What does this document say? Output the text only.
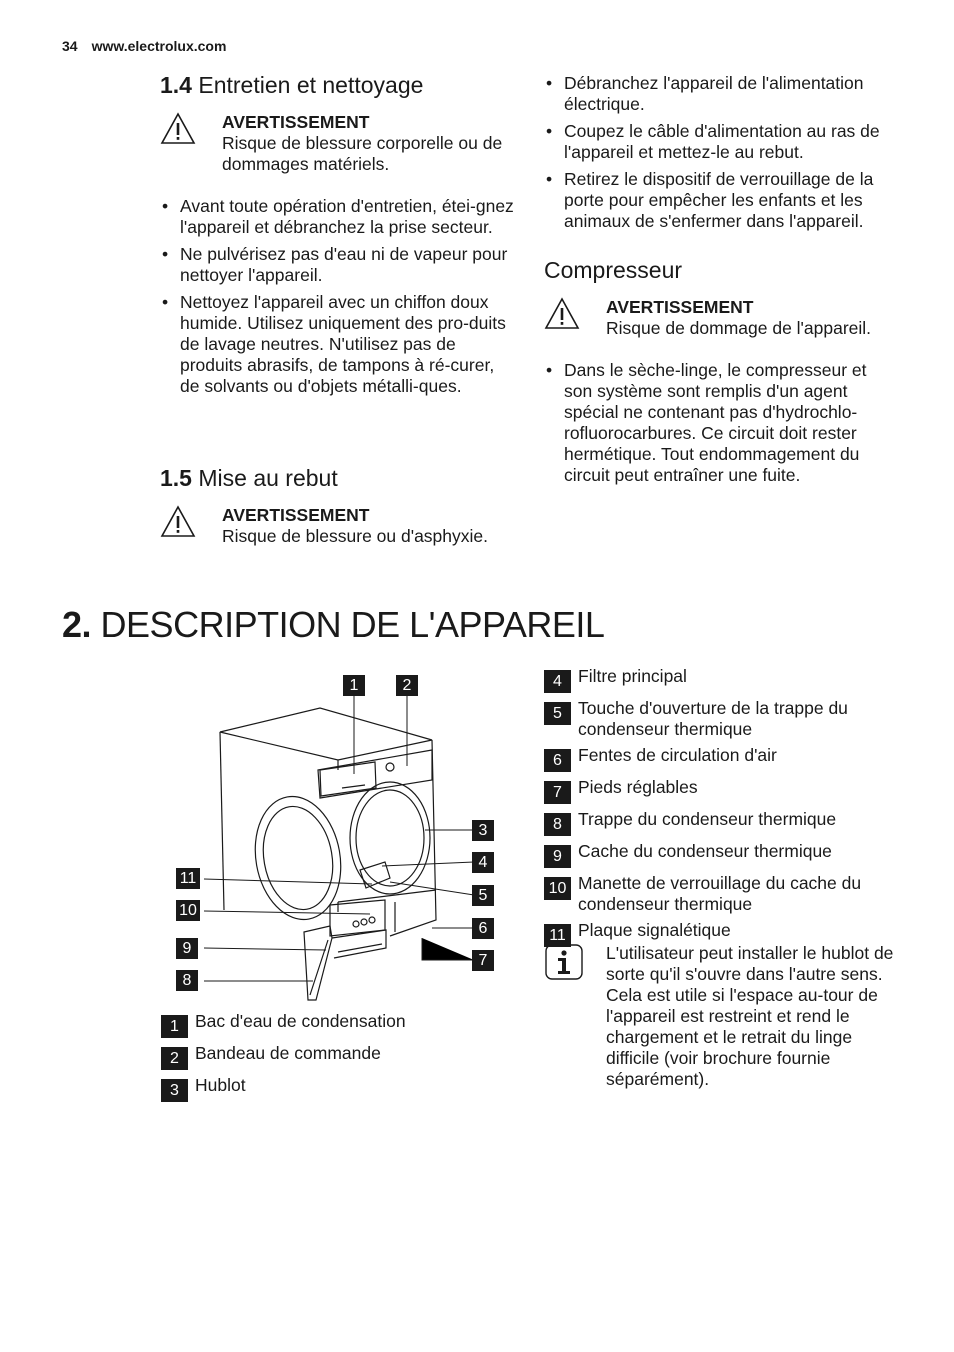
34 www.electrolux.com
1.4 Entretien et nettoyage
AVERTISSEMENT
Risque de blessure corporelle ou de dommages matériels.
• Avant toute opération d'entretien, étei-gnez l'appareil et débranchez la prise secteur.
• Ne pulvérisez pas d'eau ni de vapeur pour nettoyer l'appareil.
• Nettoyez l'appareil avec un chiffon doux humide. Utilisez uniquement des pro-duits de lavage neutres. N'utilisez pas de produits abrasifs, de tampons à ré-curer, de solvants ou d'objets métalli-ques.
1.5 Mise au rebut
AVERTISSEMENT
Risque de blessure ou d'asphyxie.
• Débranchez l'appareil de l'alimentation électrique.
• Coupez le câble d'alimentation au ras de l'appareil et mettez-le au rebut.
• Retirez le dispositif de verrouillage de la porte pour empêcher les enfants et les animaux de s'enfermer dans l'appareil.
Compresseur
AVERTISSEMENT
Risque de dommage de l'appareil.
• Dans le sèche-linge, le compresseur et son système sont remplis d'un agent spécial ne contenant pas d'hydrochlo-rofluorocarbures. Ce circuit doit rester hermétique. Tout endommagement du circuit peut entraîner une fuite.
2. DESCRIPTION DE L'APPAREIL
1	2
3
4
5
6
7
8
9
10
11
1 Bac d'eau de condensation
2 Bandeau de commande
3 Hublot
4 Filtre principal
5 Touche d'ouverture de la trappe du condenseur thermique
6 Fentes de circulation d'air
7 Pieds réglables
8 Trappe du condenseur thermique
9 Cache du condenseur thermique
10 Manette de verrouillage du cache du condenseur thermique
11 Plaque signalétique
L'utilisateur peut installer le hublot de sorte qu'il s'ouvre dans l'autre sens. Cela est utile si l'espace au-tour de l'appareil est restreint et rend le chargement et le retrait du linge difficile (voir brochure fournie séparément).
